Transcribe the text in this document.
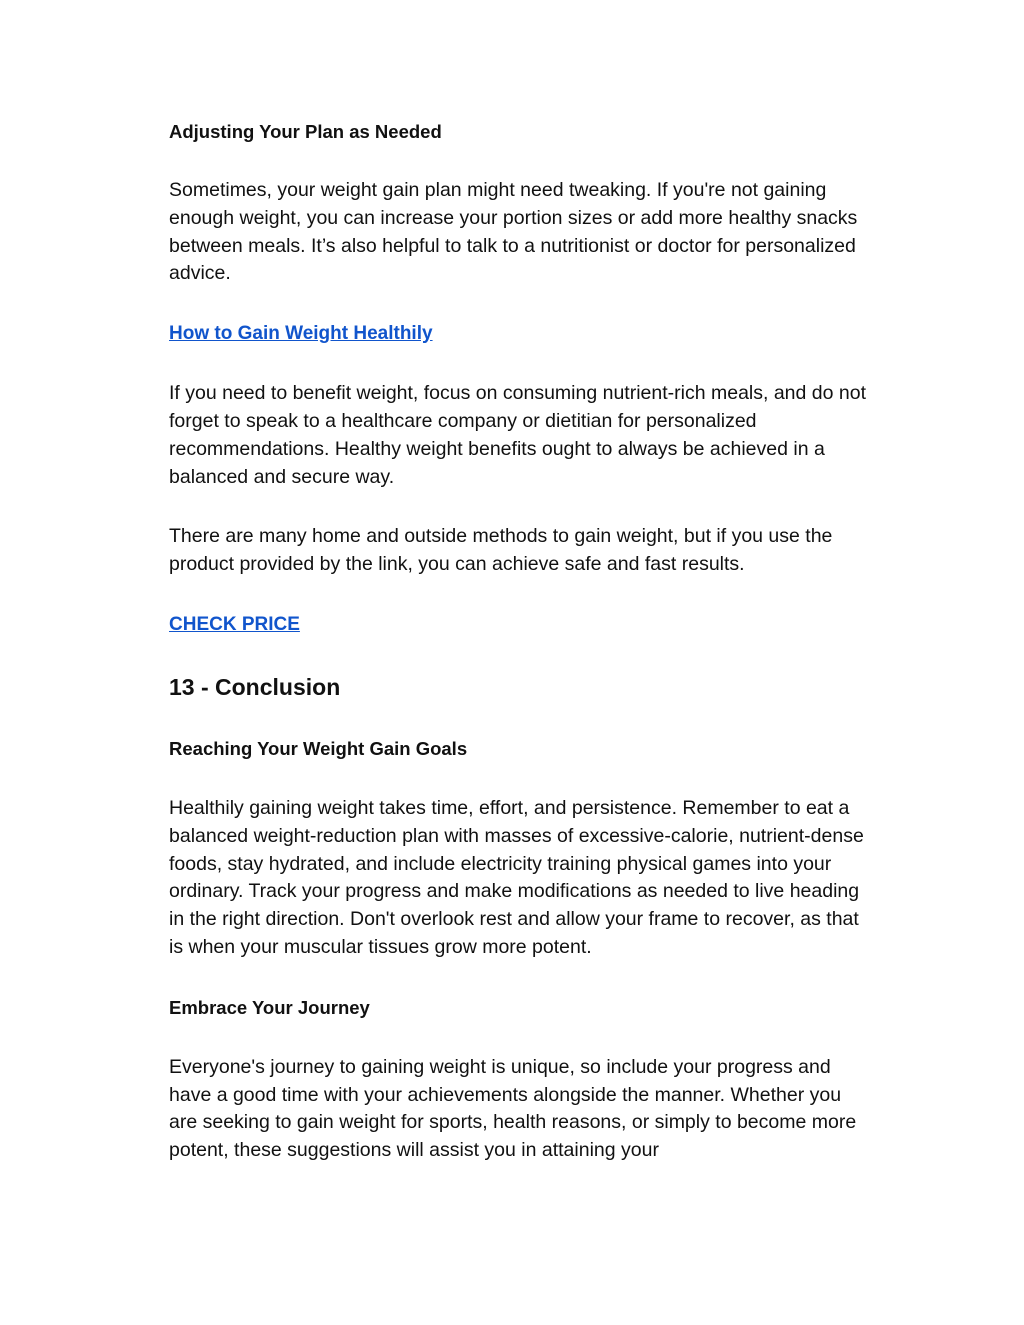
Adjusting Your Plan as Needed

Sometimes, your weight gain plan might need tweaking. If you're not gaining enough weight, you can increase your portion sizes or add more healthy snacks between meals. It’s also helpful to talk to a nutritionist or doctor for personalized advice.

How to Gain Weight Healthily

If you need to benefit weight, focus on consuming nutrient-rich meals, and do not forget to speak to a healthcare company or dietitian for personalized recommendations. Healthy weight benefits ought to always be achieved in a balanced and secure way.

There are many home and outside methods to gain weight, but if you use the product provided by the link, you can achieve safe and fast results.

CHECK PRICE

13 - Conclusion

Reaching Your Weight Gain Goals

Healthily gaining weight takes time, effort, and persistence. Remember to eat a balanced weight-reduction plan with masses of excessive-calorie, nutrient-dense foods, stay hydrated, and include electricity training physical games into your ordinary. Track your progress and make modifications as needed to live heading in the right direction. Don't overlook rest and allow your frame to recover, as that is when your muscular tissues grow more potent.

Embrace Your Journey

Everyone's journey to gaining weight is unique, so include your progress and have a good time with your achievements alongside the manner. Whether you are seeking to gain weight for sports, health reasons, or simply to become more potent, these suggestions will assist you in attaining your
